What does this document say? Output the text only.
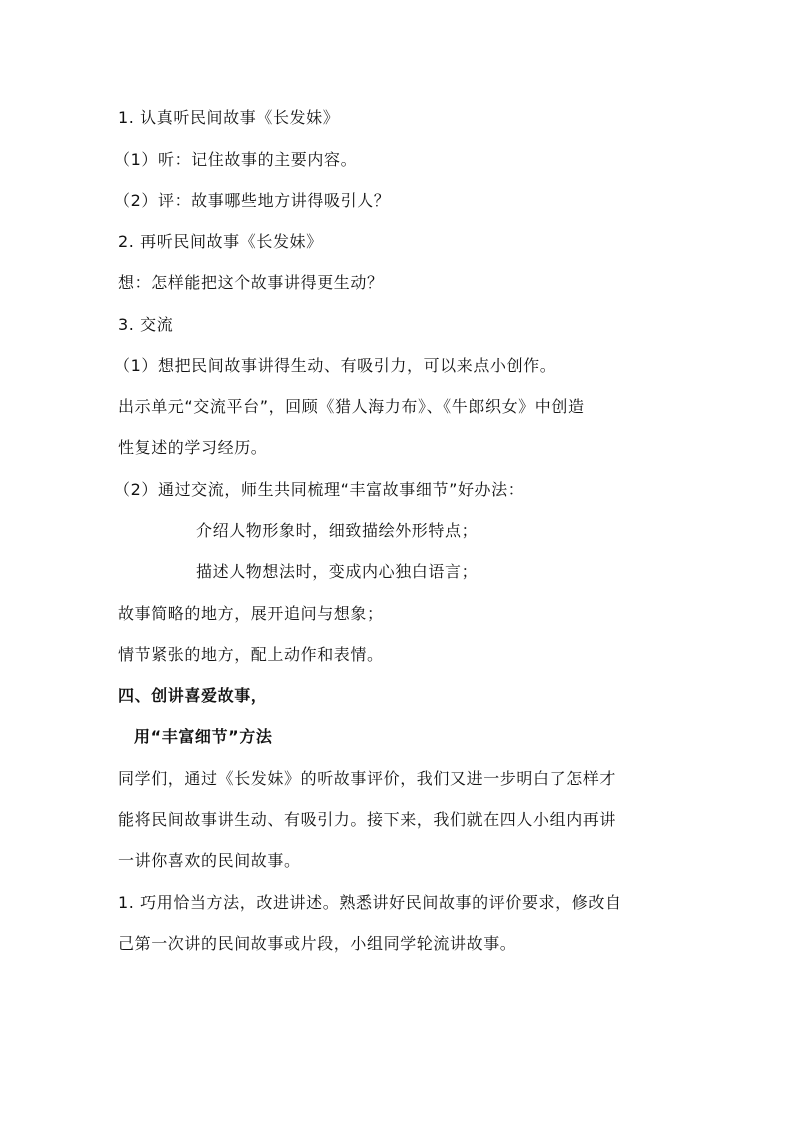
1. 认真听民间故事《长发妹》
（1）听：记住故事的主要内容。
（2）评：故事哪些地方讲得吸引人？
2. 再听民间故事《长发妹》
想：怎样能把这个故事讲得更生动？
3. 交流
（1）想把民间故事讲得生动、有吸引力，可以来点小创作。
出示单元“交流平台”，回顾《猎人海力布》、《牛郎织女》中创造
性复述的学习经历。
（2）通过交流，师生共同梳理“丰富故事细节”好办法：
介绍人物形象时，细致描绘外形特点；
描述人物想法时，变成内心独白语言；
故事简略的地方，展开追问与想象；
情节紧张的地方，配上动作和表情。
四、创讲喜爱故事，
用“丰富细节”方法
同学们，通过《长发妹》的听故事评价，我们又进一步明白了怎样才
能将民间故事讲生动、有吸引力。接下来，我们就在四人小组内再讲
一讲你喜欢的民间故事。
1. 巧用恰当方法，改进讲述。熟悉讲好民间故事的评价要求，修改自
己第一次讲的民间故事或片段，小组同学轮流讲故事。
